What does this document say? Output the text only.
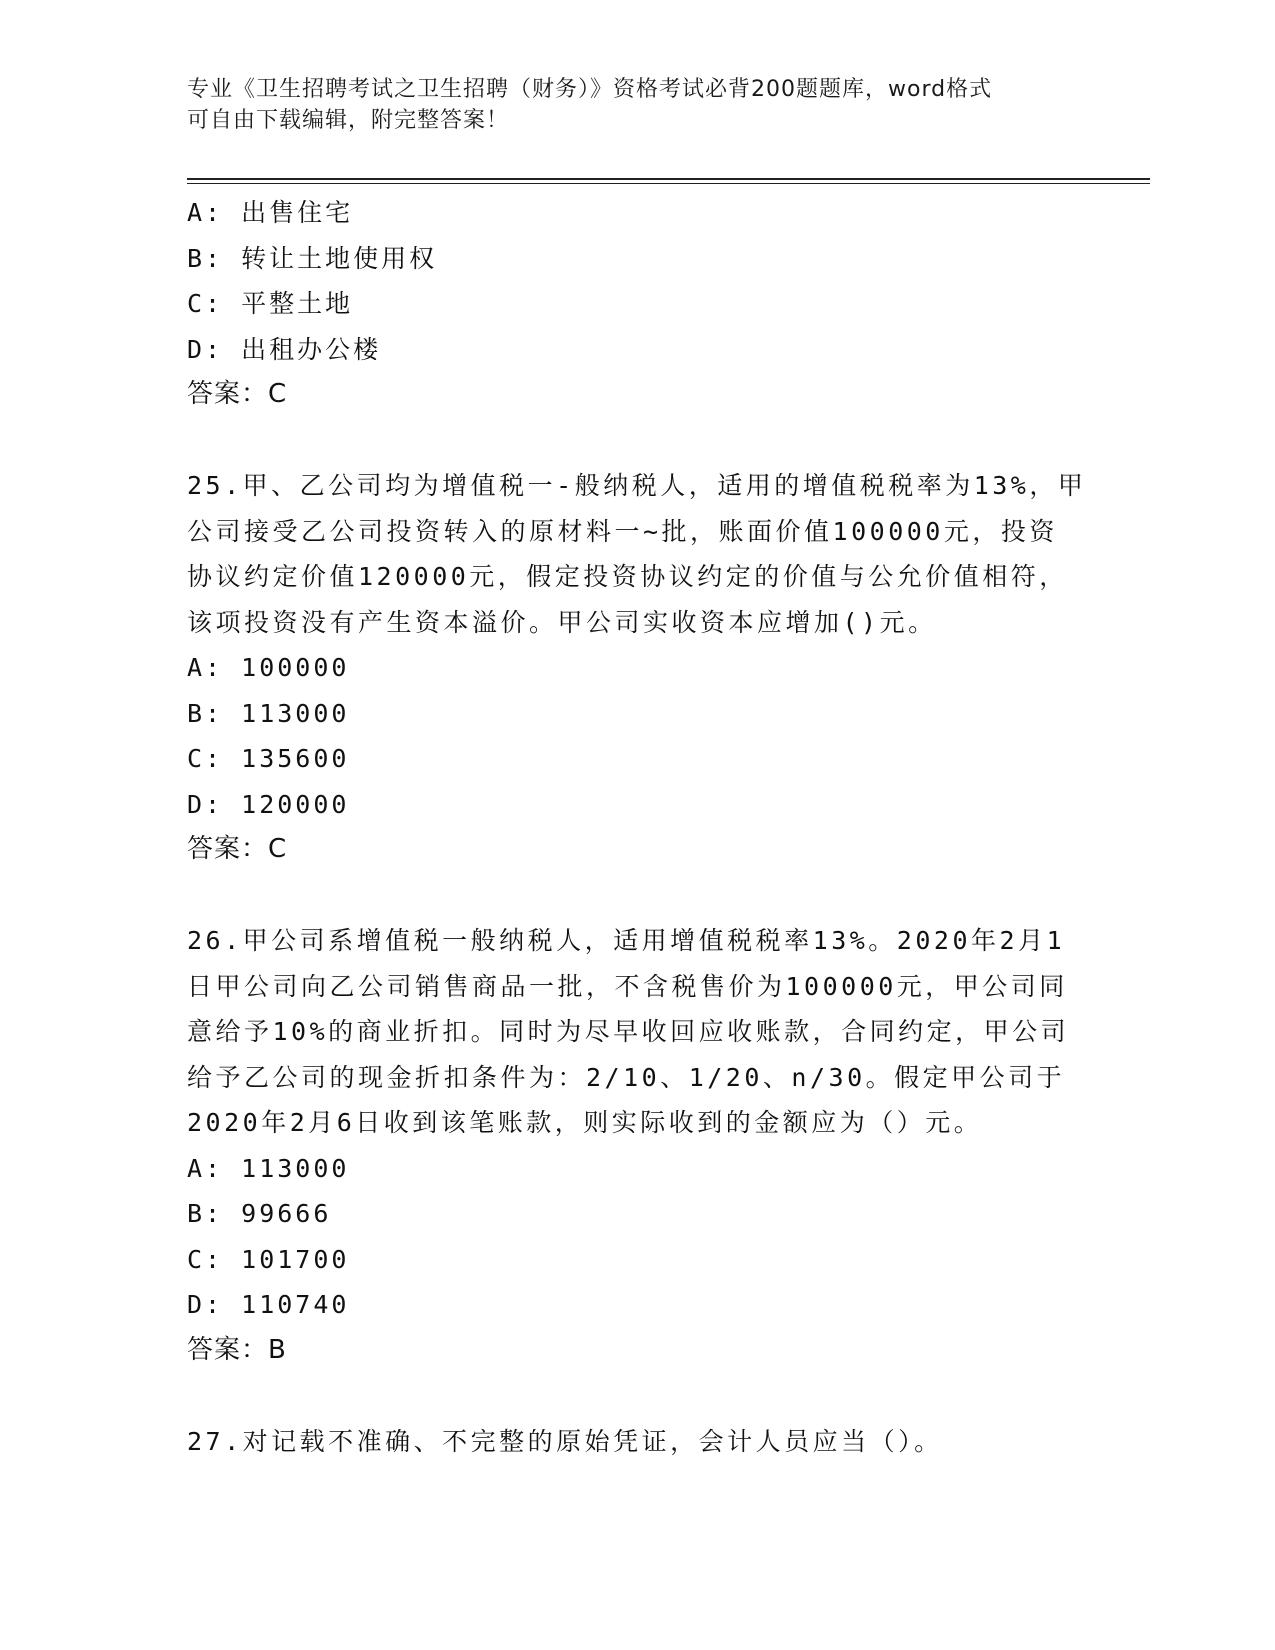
专业《卫生招聘考试之卫生招聘（财务）》资格考试必背200题题库，word格式
可自由下载编辑，附完整答案！
A: 出售住宅
B: 转让土地使用权
C: 平整土地
D: 出租办公楼
答案：C
25.甲、乙公司均为增值税一-般纳税人，适用的增值税税率为13%，甲
公司接受乙公司投资转入的原材料一~批，账面价值100000元，投资
协议约定价值120000元，假定投资协议约定的价值与公允价值相符，
该项投资没有产生资本溢价。甲公司实收资本应增加()元。
A: 100000
B: 113000
C: 135600
D: 120000
答案：C
26.甲公司系增值税一般纳税人，适用增值税税率13%。2020年2月1
日甲公司向乙公司销售商品一批，不含税售价为100000元，甲公司同
意给予10%的商业折扣。同时为尽早收回应收账款，合同约定，甲公司
给予乙公司的现金折扣条件为：2/10、1/20、n/30。假定甲公司于
2020年2月6日收到该笔账款，则实际收到的金额应为（）元。
A: 113000
B: 99666
C: 101700
D: 110740
答案：B
27.对记载不准确、不完整的原始凭证，会计人员应当（）。
